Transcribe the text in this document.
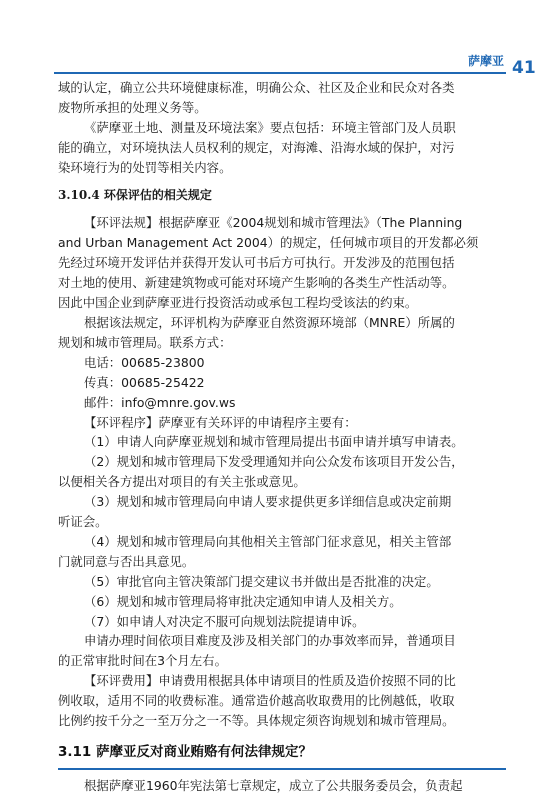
萨摩亚 41

域的认定，确立公共环境健康标准，明确公众、社区及企业和民众对各类

废物所承担的处理义务等。

《萨摩亚土地、测量及环境法案》要点包括：环境主管部门及人员职

能的确立，对环境执法人员权利的规定，对海滩、沿海水域的保护，对污

染环境行为的处罚等相关内容。

3.10.4 环保评估的相关规定

【环评法规】根据萨摩亚《2004规划和城市管理法》（The Planning

and Urban Management Act 2004）的规定，任何城市项目的开发都必须

先经过环境开发评估并获得开发认可书后方可执行。开发涉及的范围包括

对土地的使用、新建建筑物或可能对环境产生影响的各类生产性活动等。

因此中国企业到萨摩亚进行投资活动或承包工程均受该法的约束。

根据该法规定，环评机构为萨摩亚自然资源环境部（MNRE）所属的

规划和城市管理局。联系方式：

电话：00685-23800

传真：00685-25422

邮件：info@mnre.gov.ws

【环评程序】萨摩亚有关环评的申请程序主要有：

（1）申请人向萨摩亚规划和城市管理局提出书面申请并填写申请表。

（2）规划和城市管理局下发受理通知并向公众发布该项目开发公告，

以便相关各方提出对项目的有关主张或意见。

（3）规划和城市管理局向申请人要求提供更多详细信息或决定前期

听证会。

（4）规划和城市管理局向其他相关主管部门征求意见，相关主管部

门就同意与否出具意见。

（5）审批官向主管决策部门提交建议书并做出是否批准的决定。

（6）规划和城市管理局将审批决定通知申请人及相关方。

（7）如申请人对决定不服可向规划法院提请申诉。

申请办理时间依项目难度及涉及相关部门的办事效率而异，普通项目

的正常审批时间在3个月左右。

【环评费用】申请费用根据具体申请项目的性质及造价按照不同的比

例收取，适用不同的收费标准。通常造价越高收取费用的比例越低，收取

比例约按千分之一至万分之一不等。具体规定须咨询规划和城市管理局。

3.11 萨摩亚反对商业贿赂有何法律规定？

根据萨摩亚1960年宪法第七章规定，成立了公共服务委员会，负责起
